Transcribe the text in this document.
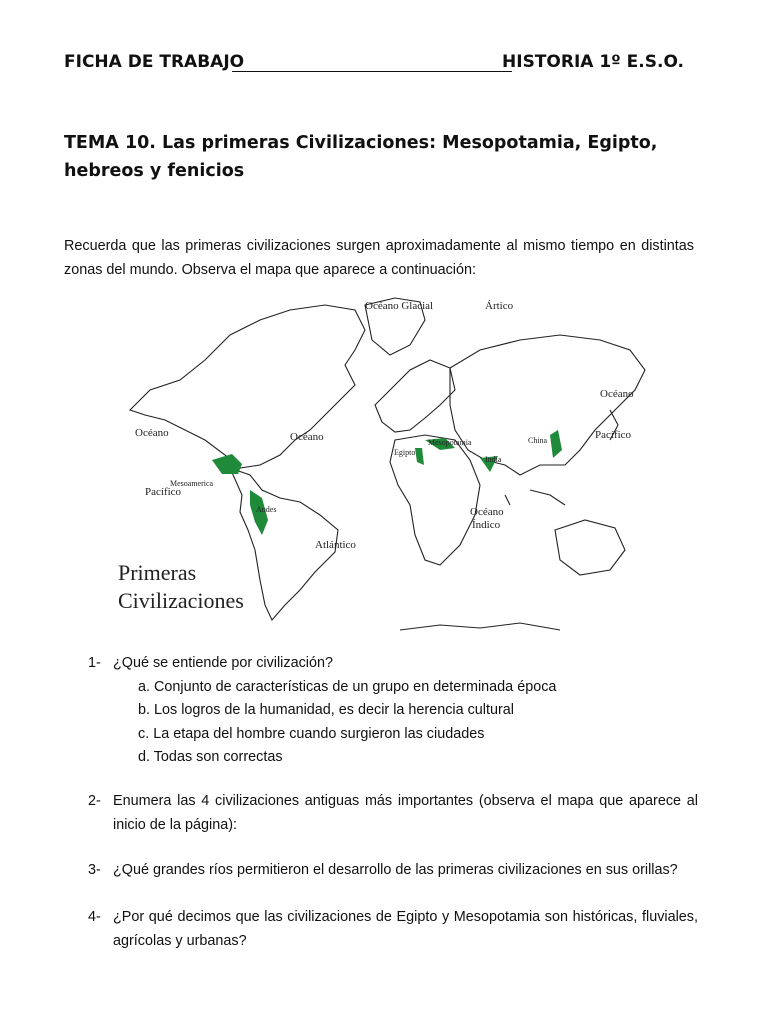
FICHA DE TRABAJO	HISTORIA 1º E.S.O.
TEMA 10. Las primeras Civilizaciones: Mesopotamia, Egipto, hebreos y fenicios
Recuerda que las primeras civilizaciones surgen aproximadamente al mismo tiempo en distintas zonas del mundo. Observa el mapa que aparece a continuación:
Océano Glacial	Ártico
Océano
Pacífico
Océano
Atlántico
Océano
Índico
Océano
Pacífico
Mesoamerica
Andes
Mesopotamia
Egipto
India
China
Primeras
Civilizaciones
1- ¿Qué se entiende por civilización?
a. Conjunto de características de un grupo en determinada época
b. Los logros de la humanidad, es decir la herencia cultural
c. La etapa del hombre cuando surgieron las ciudades
d. Todas son correctas
2- Enumera las 4 civilizaciones antiguas más importantes (observa el mapa que aparece al inicio de la página):
3- ¿Qué grandes ríos permitieron el desarrollo de las primeras civilizaciones en sus orillas?
4- ¿Por qué decimos que las civilizaciones de Egipto y Mesopotamia son históricas, fluviales, agrícolas y urbanas?
